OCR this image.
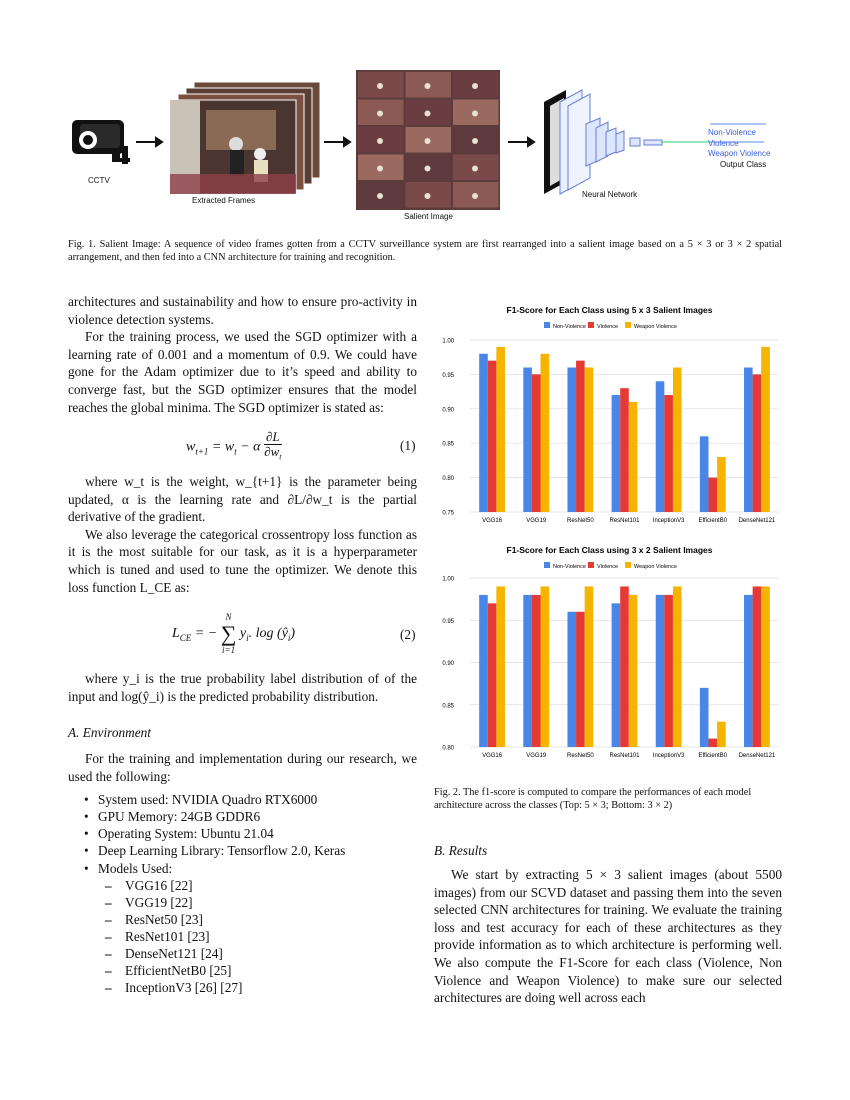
CCTV
Extracted Frames
Salient Image
Neural Network
Non-Violence
Violence
Weapon Violence
Output Class
Fig. 1. Salient Image: A sequence of video frames gotten from a CCTV surveillance system are first rearranged into a salient image based on a 5 × 3 or 3 × 2 spatial arrangement, and then fed into a CNN architecture for training and recognition.

architectures and sustainability and how to ensure pro-activity in violence detection systems.

For the training process, we used the SGD optimizer with a learning rate of 0.001 and a momentum of 0.9. We could have gone for the Adam optimizer due to it’s speed and ability to converge fast, but the SGD optimizer ensures that the model reaches the global minima. The SGD optimizer is stated as:

$w_{t+1} = w_t - \alpha \frac{\partial L}{\partial w_t}$	(1)

where w_t is the weight, w_{t+1} is the parameter being updated, α is the learning rate and ∂L/∂w_t is the partial derivative of the gradient.

We also leverage the categorical crossentropy loss function as it is the most suitable for our task, as it is a hyperparameter which is tuned and used to tune the optimizer. We denote this loss function L_CE as:

$L_{CE}$ = −
N
∑
i=1
$y_i$. $\log (ŷ_i)$	(2)

where y_i is the true probability label distribution of of the input and log(ŷ_i) is the predicted probability distribution.

A. Environment

For the training and implementation during our research, we used the following:

• System used: NVIDIA Quadro RTX6000
• GPU Memory: 24GB GDDR6
• Operating System: Ubuntu 21.04
• Deep Learning Library: Tensorflow 2.0, Keras
• Models Used:
– VGG16 [22]
– VGG19 [22]
– ResNet50 [23]
– ResNet101 [23]
– DenseNet121 [24]
– EfficientNetB0 [25]
– InceptionV3 [26] [27]
F1-Score for Each Class using 5 x 3 Salient Images
Non-Violence Violence	Weapon Violence
1.00
0.95
0.90
0.85
0.80
0.75
VGG16	VGG19	ResNet50	ResNet101 InceptionV3 EfficientB0 DenseNet121
F1-Score for Each Class using 3 x 2 Salient Images
Non-Violence Violence	Weapon Violence
1.00
0.95
0.90
0.85
0.80
VGG16	VGG19	ResNet50	ResNet101 InceptionV3 EfficientB0 DenseNet121
Fig. 2. The f1-score is computed to compare the performances of each model architecture across the classes (Top: 5 × 3; Bottom: 3 × 2)
B. Results

We start by extracting 5 × 3 salient images (about 5500 images) from our SCVD dataset and passing them into the seven selected CNN architectures for training. We evaluate the training loss and test accuracy for each of these architectures as they provide information as to which architecture is performing well. We also compute the F1-Score for each class (Violence, Non Violence and Weapon Violence) to make sure our selected architectures are doing well across each
